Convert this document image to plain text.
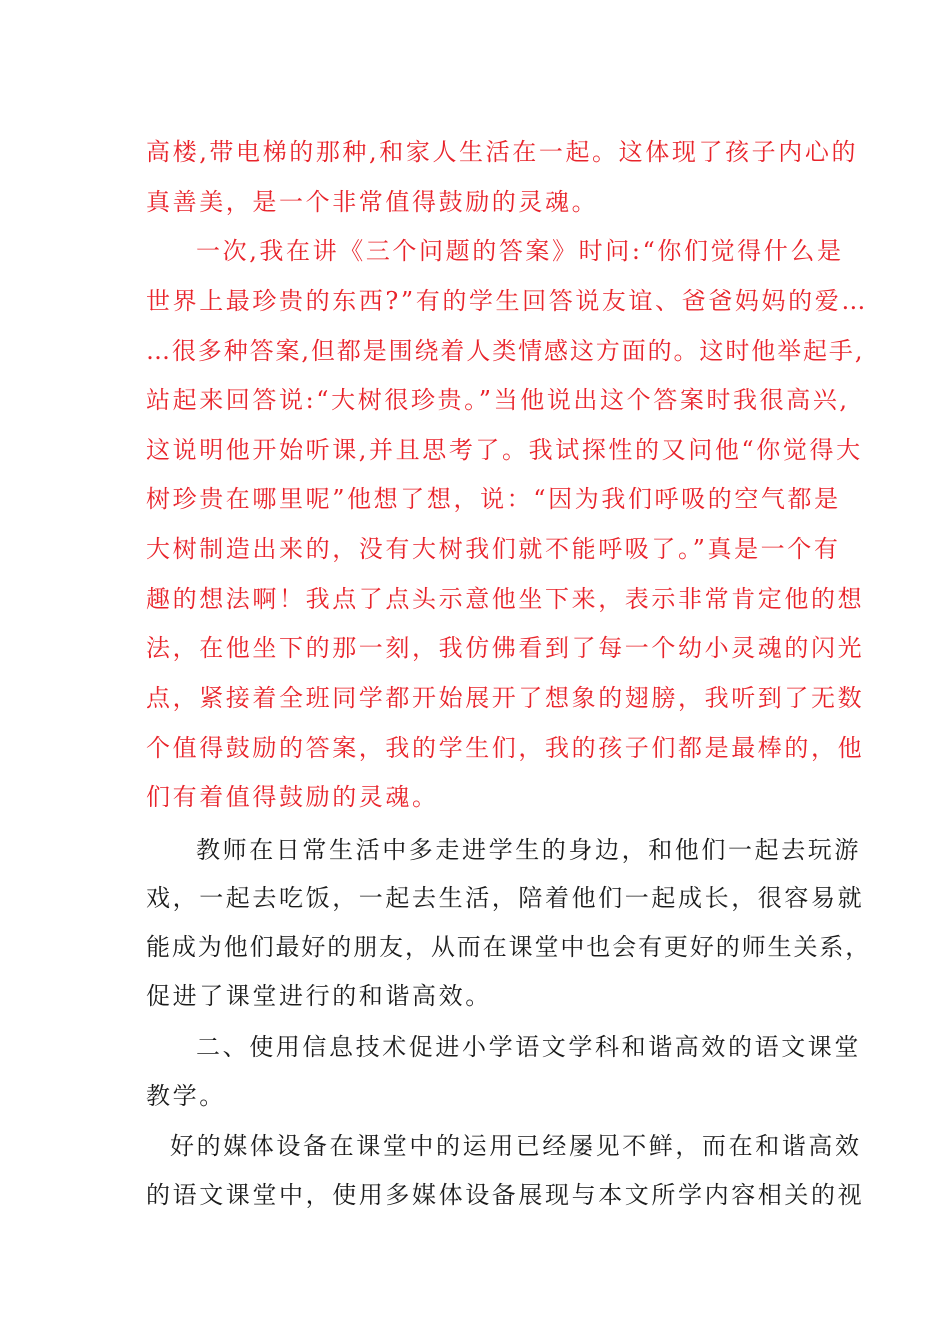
高楼,带电梯的那种,和家人生活在一起。这体现了孩子内心的
真善美，是一个非常值得鼓励的灵魂。
一次,我在讲《三个问题的答案》时问:“你们觉得什么是
世界上最珍贵的东西?”有的学生回答说友谊、爸爸妈妈的爱…
…很多种答案,但都是围绕着人类情感这方面的。这时他举起手,
站起来回答说:“大树很珍贵。”当他说出这个答案时我很高兴,
这说明他开始听课,并且思考了。我试探性的又问他“你觉得大
树珍贵在哪里呢”他想了想，说：“因为我们呼吸的空气都是
大树制造出来的，没有大树我们就不能呼吸了。”真是一个有
趣的想法啊！我点了点头示意他坐下来，表示非常肯定他的想
法，在他坐下的那一刻，我仿佛看到了每一个幼小灵魂的闪光
点，紧接着全班同学都开始展开了想象的翅膀，我听到了无数
个值得鼓励的答案，我的学生们，我的孩子们都是最棒的，他
们有着值得鼓励的灵魂。
教师在日常生活中多走进学生的身边，和他们一起去玩游
戏，一起去吃饭，一起去生活，陪着他们一起成长，很容易就
能成为他们最好的朋友，从而在课堂中也会有更好的师生关系，
促进了课堂进行的和谐高效。
二、使用信息技术促进小学语文学科和谐高效的语文课堂
教学。
好的媒体设备在课堂中的运用已经屡见不鲜，而在和谐高效
的语文课堂中，使用多媒体设备展现与本文所学内容相关的视
